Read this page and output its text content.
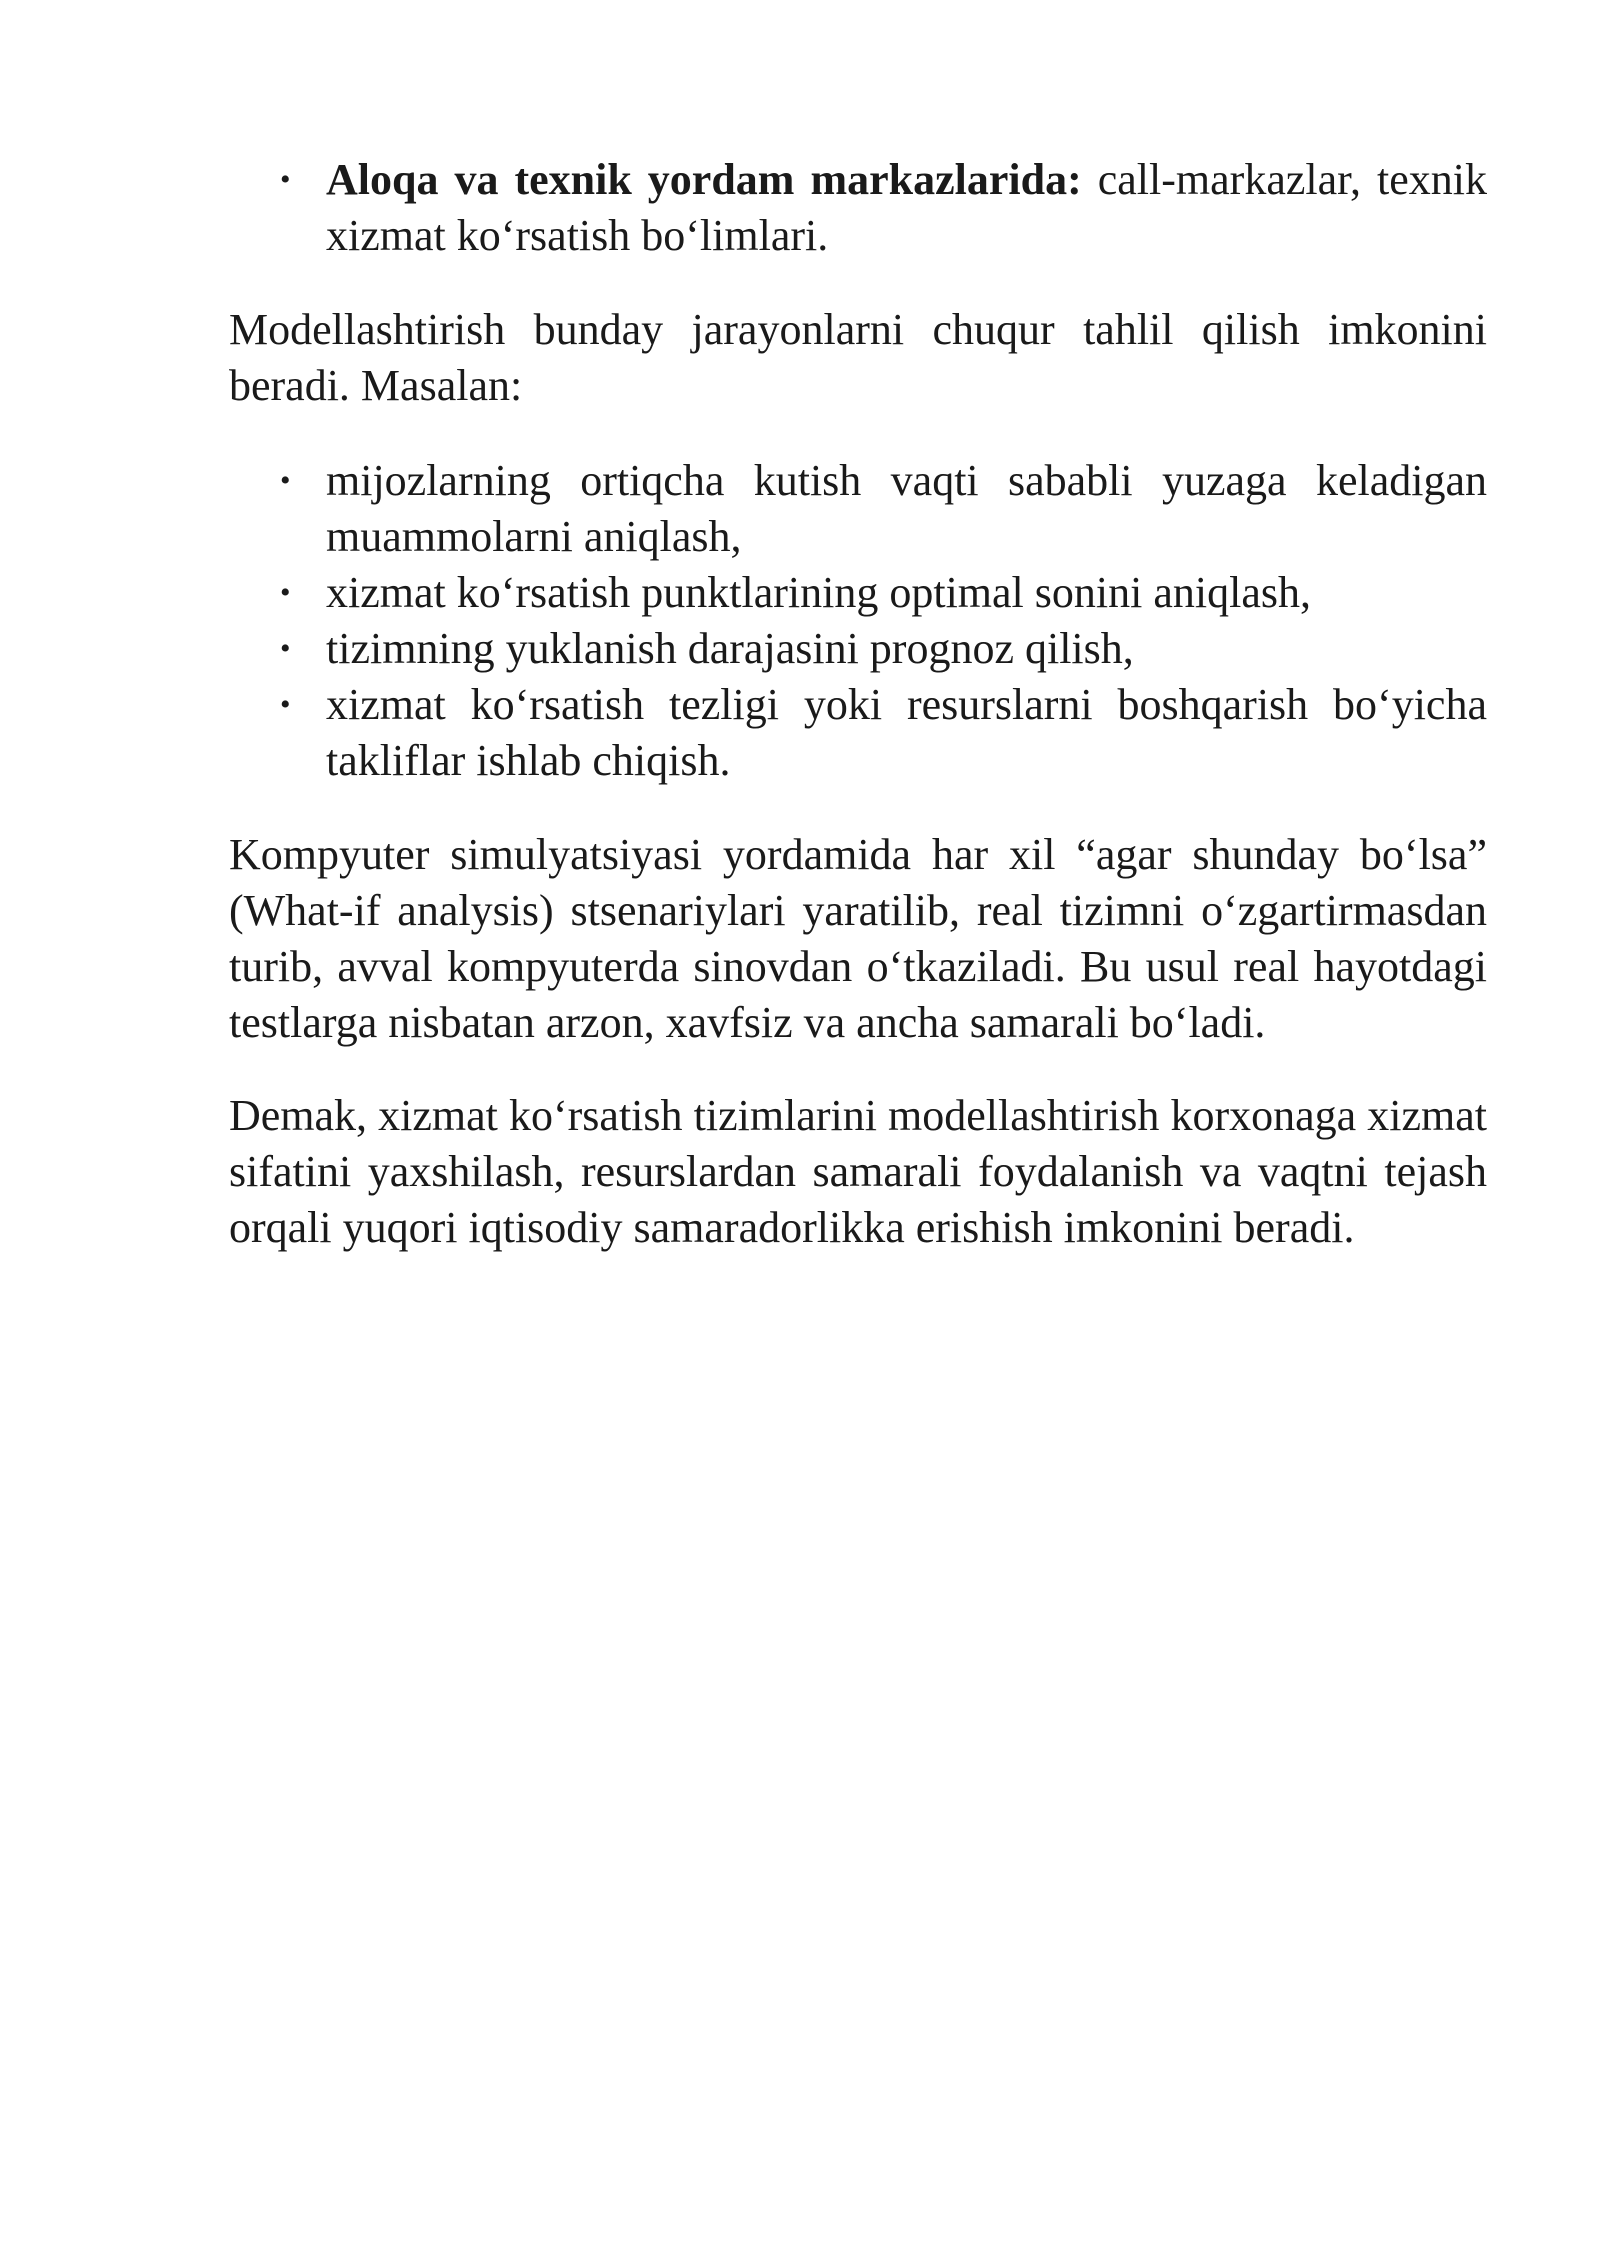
• Aloqa va texnik yordam markazlarida: call-markazlar, texnik xizmat ko‘rsatish bo‘limlari.

Modellashtirish bunday jarayonlarni chuqur tahlil qilish imkonini beradi. Masalan:

• mijozlarning ortiqcha kutish vaqti sababli yuzaga keladigan muammolarni aniqlash,
• xizmat ko‘rsatish punktlarining optimal sonini aniqlash,
• tizimning yuklanish darajasini prognoz qilish,
• xizmat ko‘rsatish tezligi yoki resurslarni boshqarish bo‘yicha takliflar ishlab chiqish.

Kompyuter simulyatsiyasi yordamida har xil “agar shunday bo‘lsa” (What-if analysis) stsenariylari yaratilib, real tizimni o‘zgartirmasdan turib, avval kompyuterda sinovdan o‘tkaziladi. Bu usul real hayotdagi testlarga nisbatan arzon, xavfsiz va ancha samarali bo‘ladi.

Demak, xizmat ko‘rsatish tizimlarini modellashtirish korxonaga xizmat sifatini yaxshilash, resurslardan samarali foydalanish va vaqtni tejash orqali yuqori iqtisodiy samaradorlikka erishish imkonini beradi.
